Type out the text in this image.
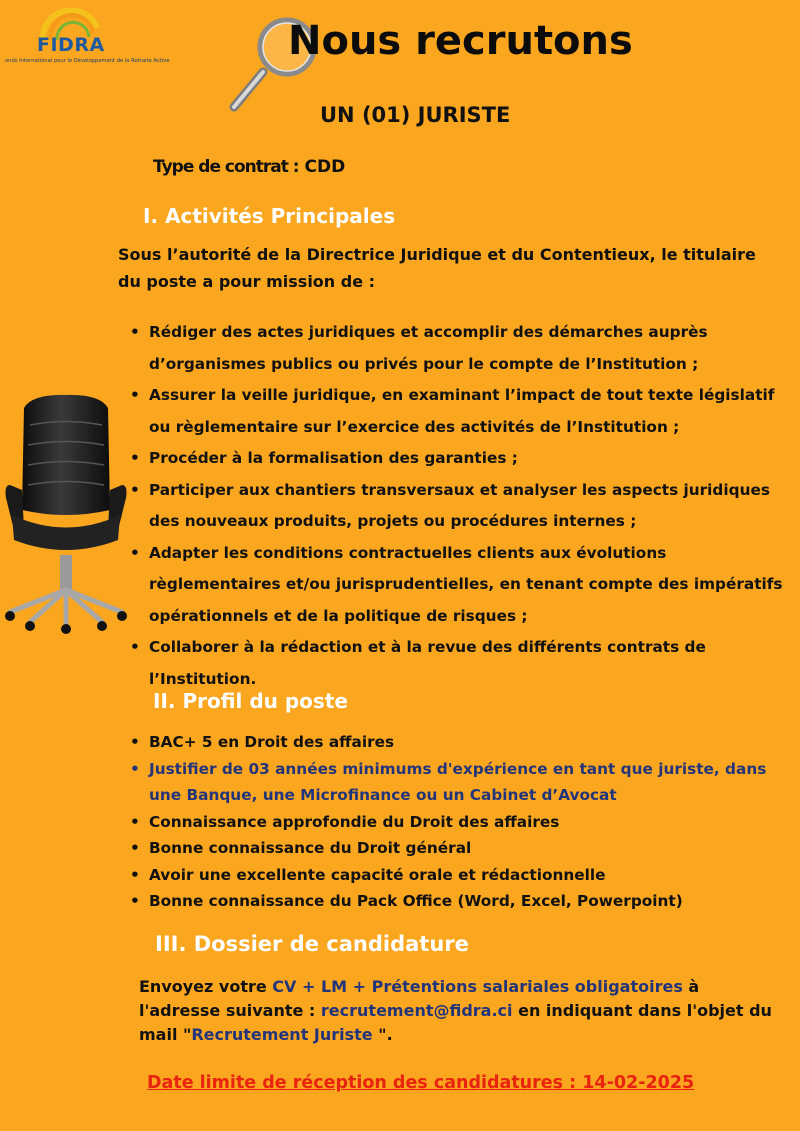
FIDRA
onds International pour le Développement de la Retraite Active	Nous recrutons
UN (01) JURISTE
Type de contrat : CDD
I. Activités Principales
Sous l’autorité de la Directrice Juridique et du Contentieux, le titulaire du poste a pour mission de :
• Rédiger des actes juridiques et accomplir des démarches auprès d’organismes publics ou privés pour le compte de l’Institution ;
• Assurer la veille juridique, en examinant l’impact de tout texte législatif ou règlementaire sur l’exercice des activités de l’Institution ;
• Procéder à la formalisation des garanties ;
• Participer aux chantiers transversaux et analyser les aspects juridiques des nouveaux produits, projets ou procédures internes ;
• Adapter les conditions contractuelles clients aux évolutions règlementaires et/ou jurisprudentielles, en tenant compte des impératifs opérationnels et de la politique de risques ;
• Collaborer à la rédaction et à la revue des différents contrats de l’Institution.
II. Profil du poste
• BAC+ 5 en Droit des affaires
• Justifier de 03 années minimums d'expérience en tant que juriste, dans une Banque, une Microfinance ou un Cabinet d’Avocat
• Connaissance approfondie du Droit des affaires
• Bonne connaissance du Droit général
• Avoir une excellente capacité orale et rédactionnelle
• Bonne connaissance du Pack Office (Word, Excel, Powerpoint)
III. Dossier de candidature
Envoyez votre CV + LM + Prétentions salariales obligatoires à l'adresse suivante : recrutement@fidra.ci en indiquant dans l'objet du mail "Recrutement Juriste ".
Date limite de réception des candidatures : 14-02-2025
